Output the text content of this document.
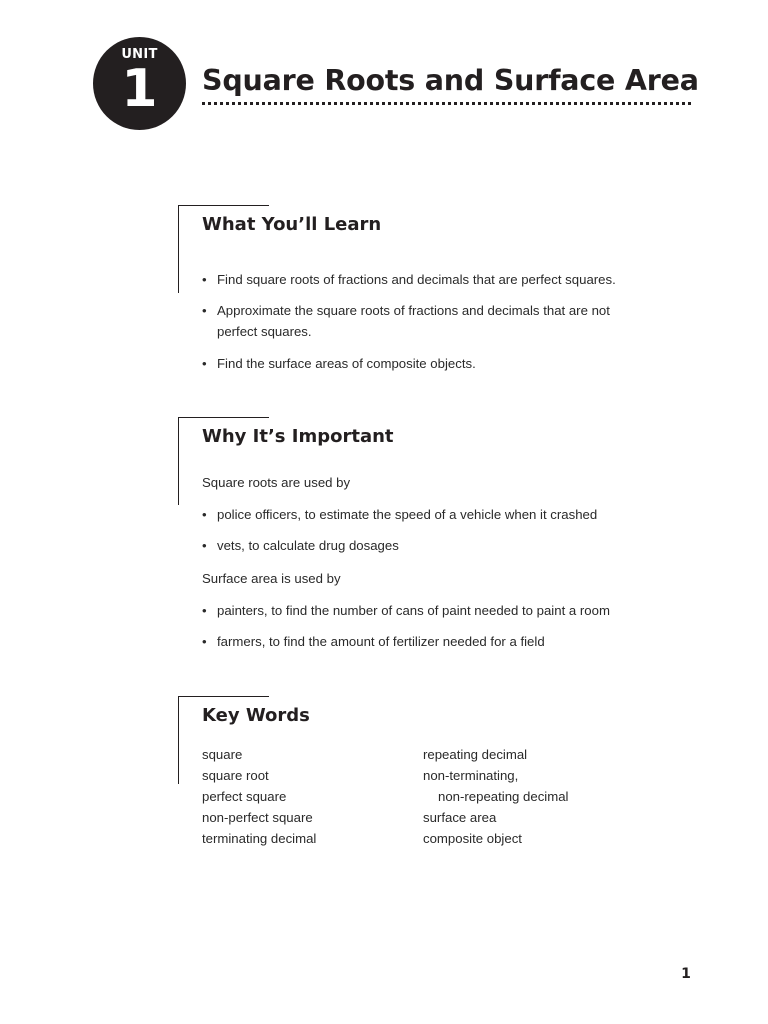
UNIT
1	Square Roots and Surface Area
What You’ll Learn
• Find square roots of fractions and decimals that are perfect squares.
• Approximate the square roots of fractions and decimals that are not
perfect squares.
• Find the surface areas of composite objects.
Why It’s Important
Square roots are used by
• police officers, to estimate the speed of a vehicle when it crashed
• vets, to calculate drug dosages
Surface area is used by
• painters, to find the number of cans of paint needed to paint a room
• farmers, to find the amount of fertilizer needed for a field
Key Words
square
square root
perfect square
non-perfect square
terminating decimal
repeating decimal
non-terminating,
non-repeating decimal
surface area
composite object
1
